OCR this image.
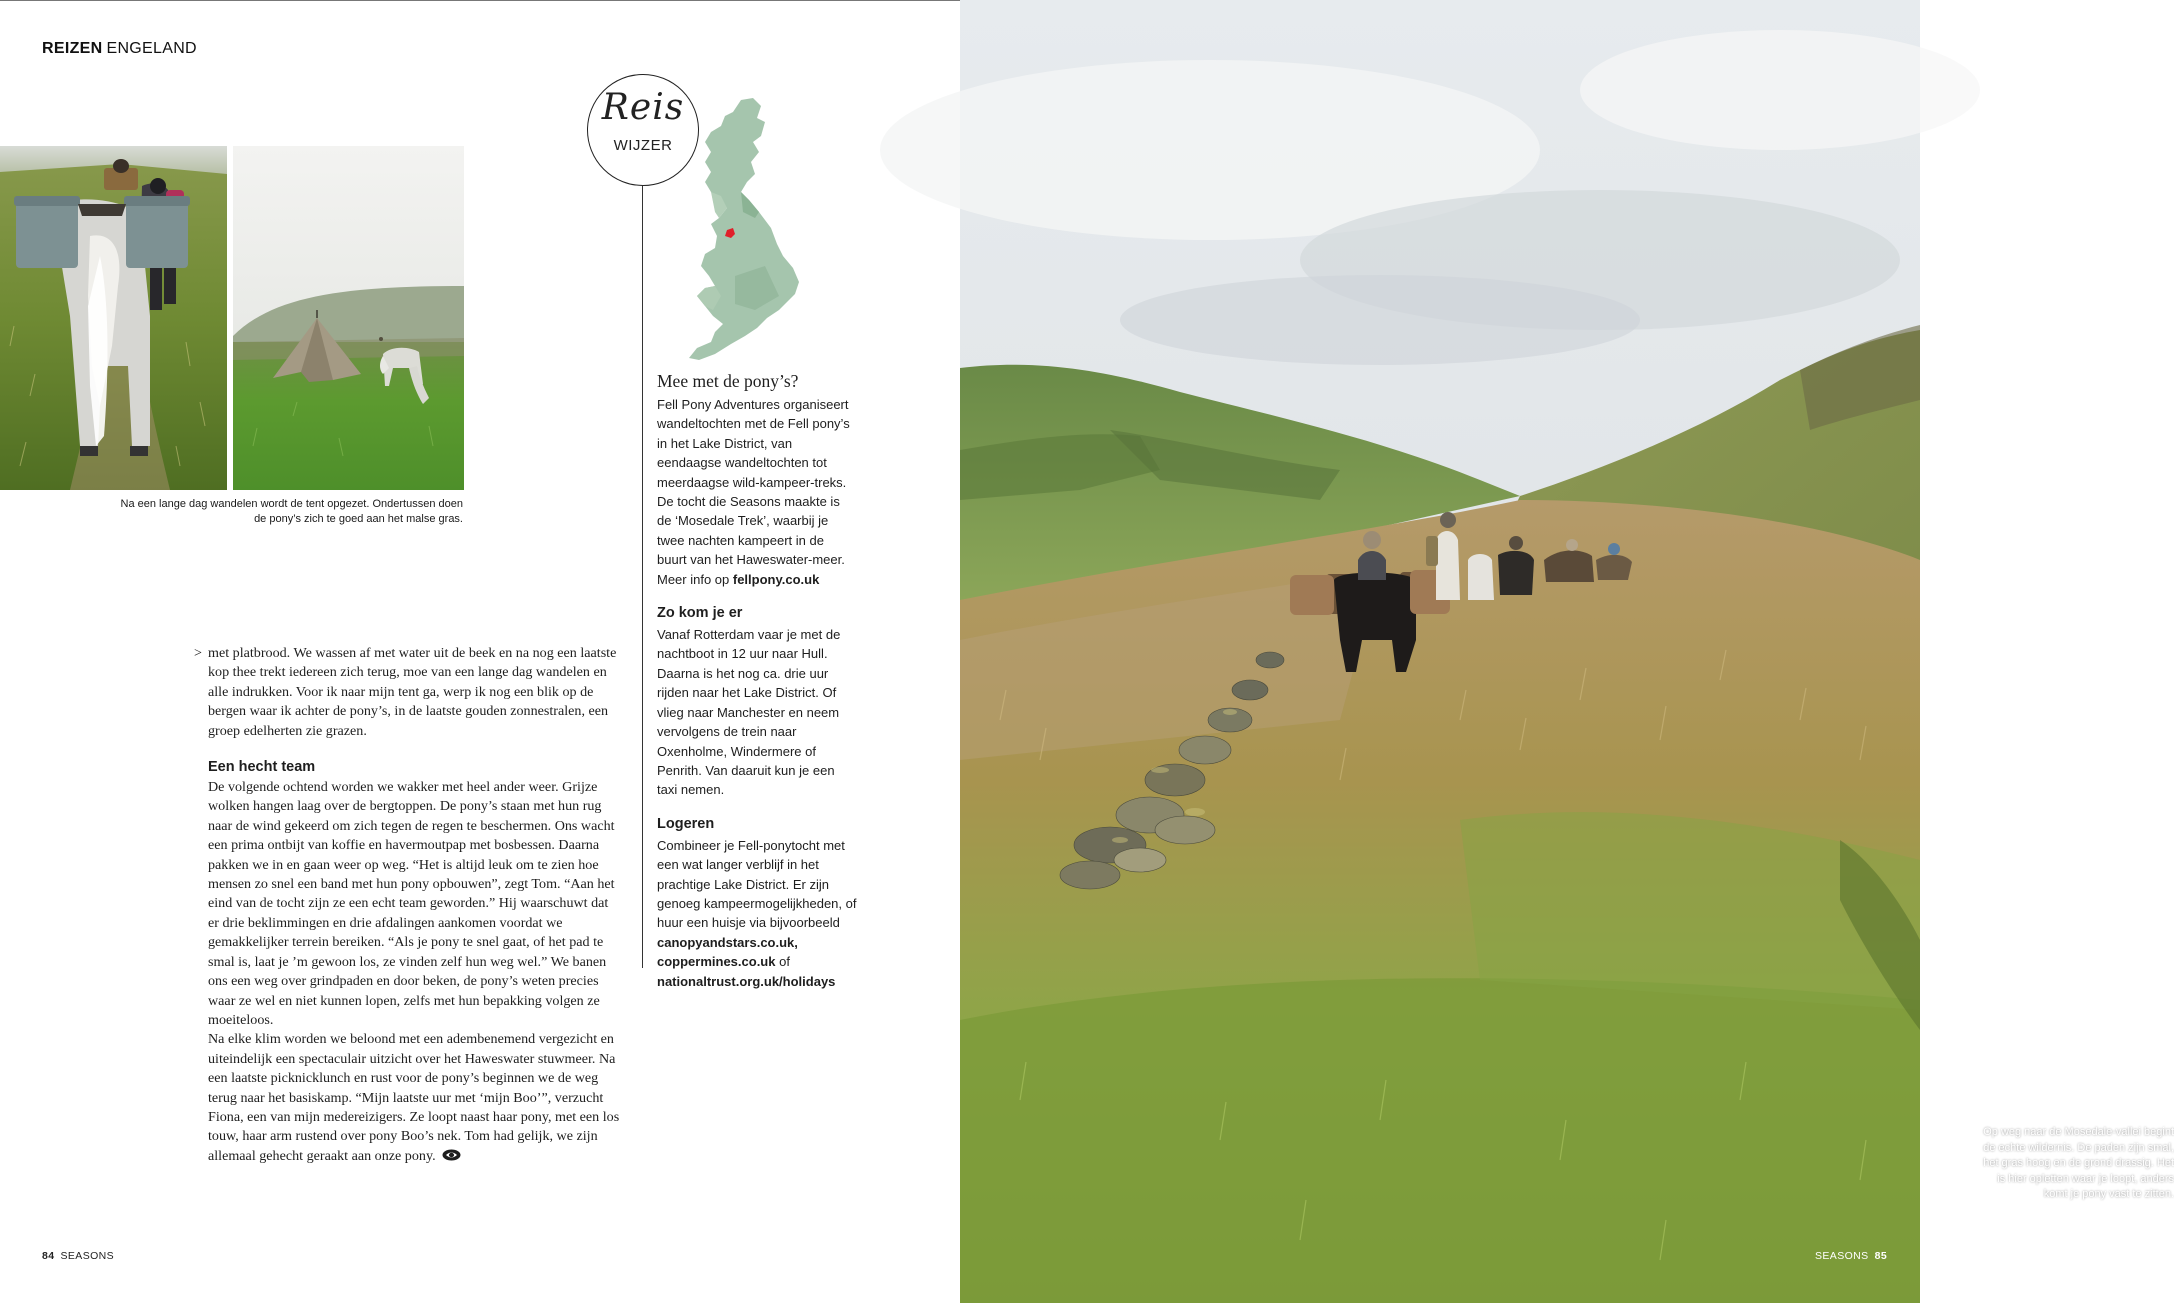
REIZEN ENGELAND
Na een lange dag wandelen wordt de tent opgezet. Ondertussen doen de pony’s zich te goed aan het malse gras.
Reis
WIJZER
Mee met de pony’s?

Fell Pony Adventures organiseert wandeltochten met de Fell pony’s in het Lake District, van eendaagse wandeltochten tot meerdaagse wild-kampeer-treks. De tocht die Seasons maakte is de ‘Mosedale Trek’, waarbij je twee nachten kampeert in de buurt van het Haweswater-meer.

Meer info op fellpony.co.uk

Zo kom je er

Vanaf Rotterdam vaar je met de nachtboot in 12 uur naar Hull. Daarna is het nog ca. drie uur rijden naar het Lake District. Of vlieg naar Manchester en neem vervolgens de trein naar Oxenholme, Windermere of Penrith. Van daaruit kun je een taxi nemen.

Logeren

Combineer je Fell-ponytocht met een wat langer verblijf in het prachtige Lake District. Er zijn genoeg kampeermogelijkheden, of huur een huisje via bijvoorbeeld

canopyandstars.co.uk,

coppermines.co.uk of

nationaltrust.org.uk/holidays

> met platbrood. We wassen af met water uit de beek en na nog een laatste kop thee trekt iedereen zich terug, moe van een lange dag wandelen en alle indrukken. Voor ik naar mijn tent ga, werp ik nog een blik op de bergen waar ik achter de pony’s, in de laatste gouden zonnestralen, een groep edelherten zie grazen.

Een hecht team

De volgende ochtend worden we wakker met heel ander weer. Grijze wolken hangen laag over de bergtoppen. De pony’s staan met hun rug naar de wind gekeerd om zich tegen de regen te beschermen. Ons wacht een prima ontbijt van koffie en havermoutpap met bosbessen. Daarna pakken we in en gaan weer op weg. “Het is altijd leuk om te zien hoe mensen zo snel een band met hun pony opbouwen”, zegt Tom. “Aan het eind van de tocht zijn ze een echt team geworden.” Hij waarschuwt dat er drie beklimmingen en drie afdalingen aankomen voordat we gemakkelijker terrein bereiken. “Als je pony te snel gaat, of het pad te smal is, laat je ’m gewoon los, ze vinden zelf hun weg wel.” We banen ons een weg over grindpaden en door beken, de pony’s weten precies waar ze wel en niet kunnen lopen, zelfs met hun bepakking volgen ze moeiteloos.

Na elke klim worden we beloond met een adembenemend vergezicht en uiteindelijk een spectaculair uitzicht over het Haweswater stuwmeer. Na een laatste picknicklunch en rust voor de pony’s beginnen we de weg terug naar het basiskamp. “Mijn laatste uur met ‘mijn Boo’”, verzucht Fiona, een van mijn medereizigers. Ze loopt naast haar pony, met een los touw, haar arm rustend over pony Boo’s nek. Tom had gelijk, we zijn allemaal gehecht geraakt aan onze pony.

84 SEASONS
Op weg naar de Mosedale-vallei begint de echte wildernis. De paden zijn smal, het gras hoog en de grond drassig. Het is hier opletten waar je loopt, anders komt je pony vast te zitten.
SEASONS 85
